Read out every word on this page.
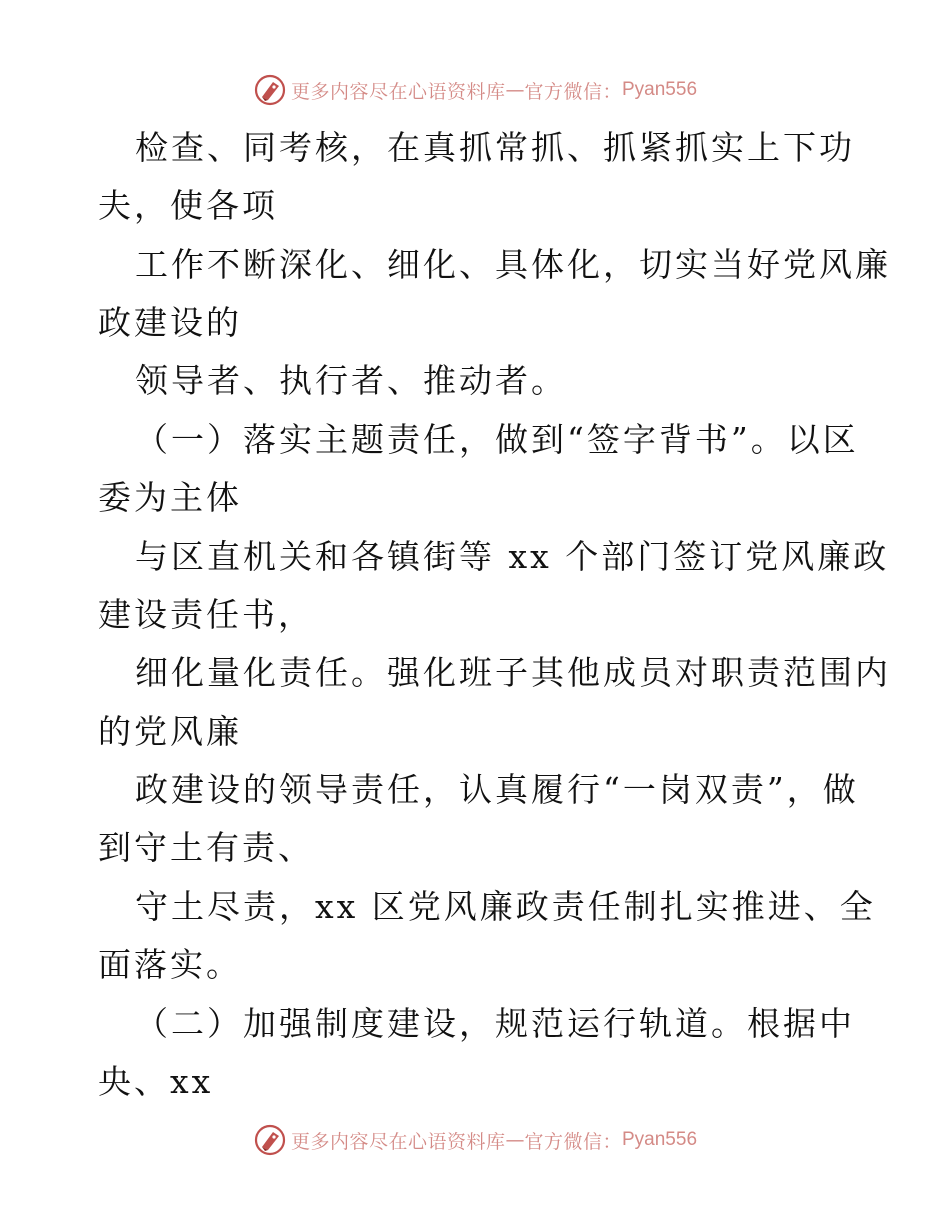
更多内容尽在心语资料库 — 官方微信： Pyan556
检查、同考核，在真抓常抓、抓紧抓实上下功
夫，使各项
工作不断深化、细化、具体化，切实当好党风廉
政建设的
领导者、执行者、推动者。
（一）落实主题责任，做到“签字背书”。以区
委为主体
与区直机关和各镇街等 xx 个部门签订党风廉政
建设责任书，
细化量化责任。强化班子其他成员对职责范围内
的党风廉
政建设的领导责任，认真履行“一岗双责”，做
到守土有责、
守土尽责，xx 区党风廉政责任制扎实推进、全
面落实。
（二）加强制度建设，规范运行轨道。根据中
央、xx
更多内容尽在心语资料库 — 官方微信： Pyan556
